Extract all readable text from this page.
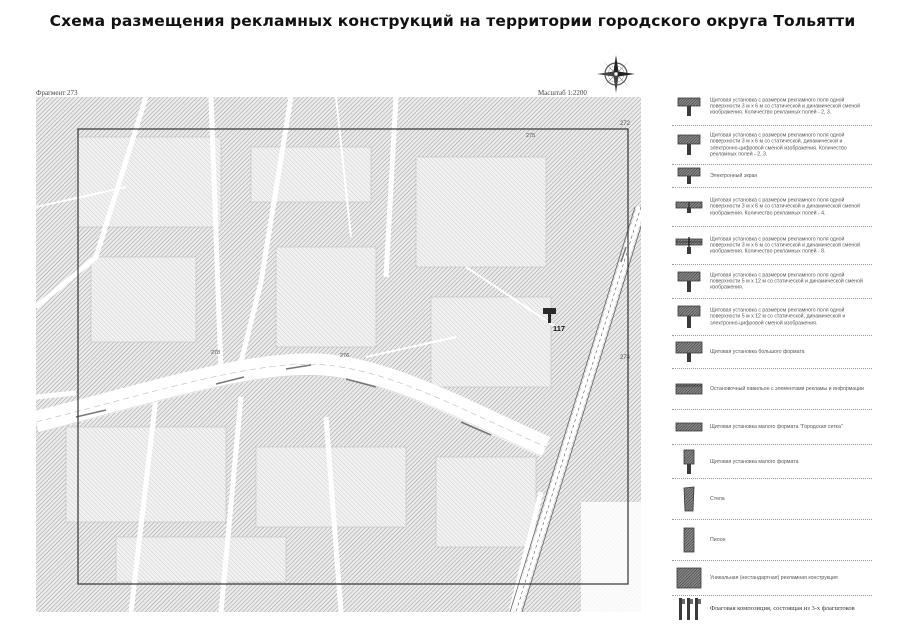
Схема размещения рекламных конструкций на территории городского округа Тольятти
Фрагмент 273	Масштаб 1:2200
272
274
276
275
278
117
Щитовая установка с размером рекламного поля одной поверхности 3 м х 6 м со статической и динамической сменой изображения. Количество рекламных полей - 2, 3.
Щитовая установка с размером рекламного поля одной поверхности 3 м х 6 м со статической, динамической и электронно-цифровой сменой изображения. Количество рекламных полей - 2, 3.
Электронный экран
Щитовая установка с размером рекламного поля одной поверхности 3 м х 6 м со статической и динамической сменой изображения. Количество рекламных полей - 4.
Щитовая установка с размером рекламного поля одной поверхности 3 м х 6 м со статической и динамической сменой изображения. Количество рекламных полей - 8.
Щитовая установка с размером рекламного поля одной поверхности 5 м х 12 м со статической и динамической сменой изображения.
Щитовая установка с размером рекламного поля одной поверхности 5 м х 12 м со статической, динамической и электронно-цифровой сменой изображения.
Щитовая установка большого формата
Остановочный павильон с элементами рекламы и информации
Щитовая установка малого формата "Городская сетка"
Щитовая установка малого формата
Стела
Пилон
Уникальная (нестандартная) рекламная конструкция
Флаговая композиция, состоящая из 3-х флагштоков
